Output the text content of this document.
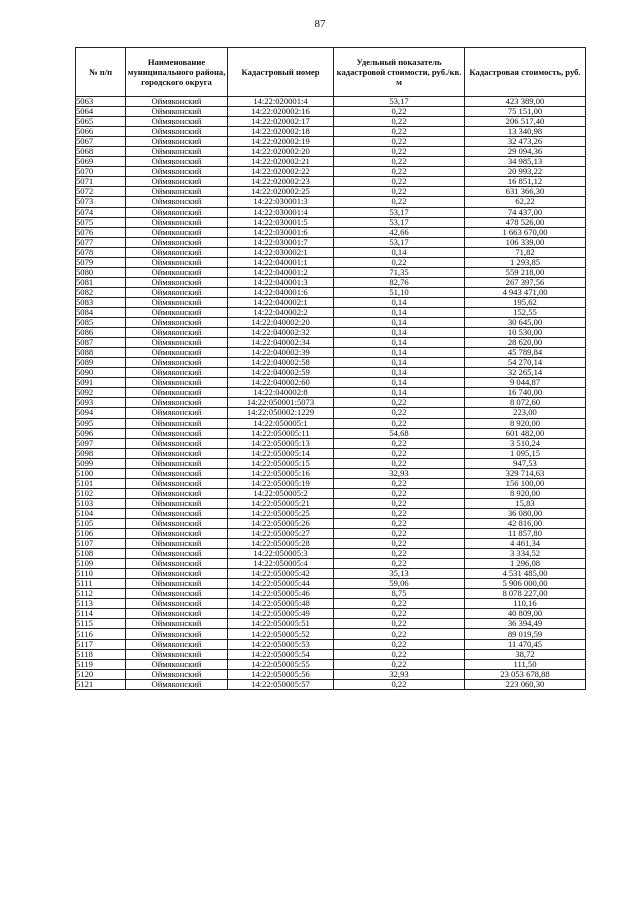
87
№ п/п	Наименование муниципального района, городского округа	Кадастровый номер	Удельный показатель кадастровой стоимости, руб./кв. м	Кадастровая стоимость, руб.
5063	Оймяконский	14:22:020001:4	53,17	423 389,00
5064	Оймяконский	14:22:020002:16	0,22	75 151,00
5065	Оймяконский	14:22:020002:17	0,22	206 517,40
5066	Оймяконский	14:22:020002:18	0,22	13 340,98
5067	Оймяконский	14:22:020002:19	0,22	32 473,26
5068	Оймяконский	14:22:020002:20	0,22	29 094,36
5069	Оймяконский	14:22:020002:21	0,22	34 985,13
5070	Оймяконский	14:22:020002:22	0,22	20 993,22
5071	Оймяконский	14:22:020002:23	0,22	16 851,12
5072	Оймяконский	14:22:020002:25	0,22	631 366,30
5073	Оймяконский	14:22:030001:3	0,22	62,22
5074	Оймяконский	14:22:030001:4	53,17	74 437,00
5075	Оймяконский	14:22:030001:5	53,17	478 526,00
5076	Оймяконский	14:22:030001:6	42,66	1 663 670,00
5077	Оймяконский	14:22:030001:7	53,17	106 339,00
5078	Оймяконский	14:22:030002:1	0,14	71,82
5079	Оймяконский	14:22:040001:1	0,22	1 293,85
5080	Оймяконский	14:22:040001:2	71,35	559 218,00
5081	Оймяконский	14:22:040001:3	82,76	267 397,56
5082	Оймяконский	14:22:040001:6	51,10	4 943 471,00
5083	Оймяконский	14:22:040002:1	0,14	195,62
5084	Оймяконский	14:22:040002:2	0,14	152,55
5085	Оймяконский	14:22:040002:20	0,14	30 645,00
5086	Оймяконский	14:22:040002:32	0,14	10 530,00
5087	Оймяконский	14:22:040002:34	0,14	28 620,00
5088	Оймяконский	14:22:040002:39	0,14	45 789,84
5089	Оймяконский	14:22:040002:58	0,14	54 270,14
5090	Оймяконский	14:22:040002:59	0,14	32 265,14
5091	Оймяконский	14:22:040002:60	0,14	9 044,87
5092	Оймяконский	14:22:040002:8	0,14	16 740,00
5093	Оймяконский	14:22:050001:5073	0,22	8 072,60
5094	Оймяконский	14:22:050002:1229	0,22	223,00
5095	Оймяконский	14:22:050005:1	0,22	8 920,00
5096	Оймяконский	14:22:050005:11	54,68	601 482,00
5097	Оймяконский	14:22:050005:13	0,22	3 510,24
5098	Оймяконский	14:22:050005:14	0,22	1 095,15
5099	Оймяконский	14:22:050005:15	0,22	947,53
5100	Оймяконский	14:22:050005:16	32,93	329 714,63
5101	Оймяконский	14:22:050005:19	0,22	156 100,00
5102	Оймяконский	14:22:050005:2	0,22	8 920,00
5103	Оймяконский	14:22:050005:21	0,22	15,83
5104	Оймяконский	14:22:050005:25	0,22	36 080,00
5105	Оймяконский	14:22:050005:26	0,22	42 816,00
5106	Оймяконский	14:22:050005:27	0,22	11 857,80
5107	Оймяконский	14:22:050005:28	0,22	4 461,34
5108	Оймяконский	14:22:050005:3	0,22	3 334,52
5109	Оймяконский	14:22:050005:4	0,22	1 296,08
5110	Оймяконский	14:22:050005:42	35,13	4 531 485,00
5111	Оймяконский	14:22:050005:44	59,06	5 906 000,00
5112	Оймяконский	14:22:050005:46	8,75	8 078 227,00
5113	Оймяконский	14:22:050005:48	0,22	110,16
5114	Оймяконский	14:22:050005:49	0,22	40 809,00
5115	Оймяконский	14:22:050005:51	0,22	36 394,49
5116	Оймяконский	14:22:050005:52	0,22	89 019,59
5117	Оймяконский	14:22:050005:53	0,22	11 470,45
5118	Оймяконский	14:22:050005:54	0,22	38,72
5119	Оймяконский	14:22:050005:55	0,22	111,50
5120	Оймяконский	14:22:050005:56	32,93	23 053 678,88
5121	Оймяконский	14:22:050005:57	0,22	223 060,30
